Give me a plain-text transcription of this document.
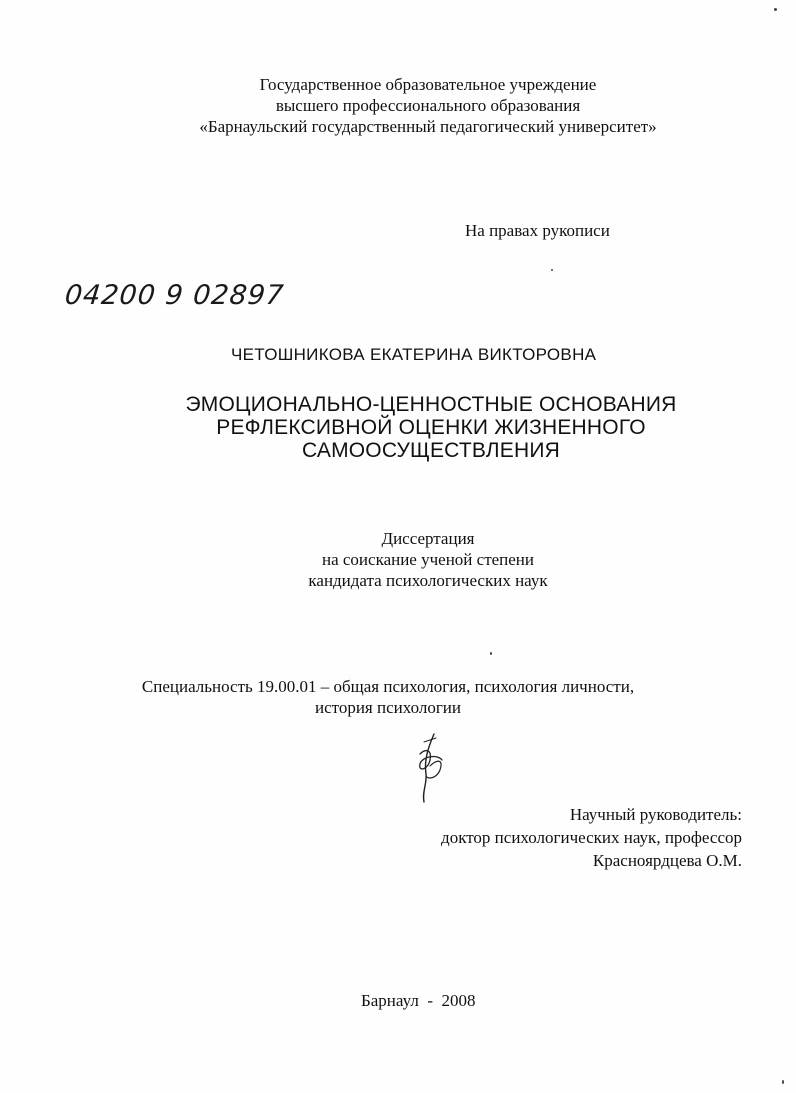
Государственное образовательное учреждение
высшего профессионального образования
«Барнаульский государственный педагогический университет»
На правах рукописи
04200 9 02897
ЧЕТОШНИКОВА ЕКАТЕРИНА ВИКТОРОВНА
ЭМОЦИОНАЛЬНО-ЦЕННОСТНЫЕ ОСНОВАНИЯ
РЕФЛЕКСИВНОЙ ОЦЕНКИ ЖИЗНЕННОГО
САМООСУЩЕСТВЛЕНИЯ
Диссертация
на соискание ученой степени
кандидата психологических наук
Специальность 19.00.01 – общая психология, психология личности,
история психологии
Научный руководитель:
доктор психологических наук, профессор
Красноярдцева О.М.
Барнаул  -  2008
